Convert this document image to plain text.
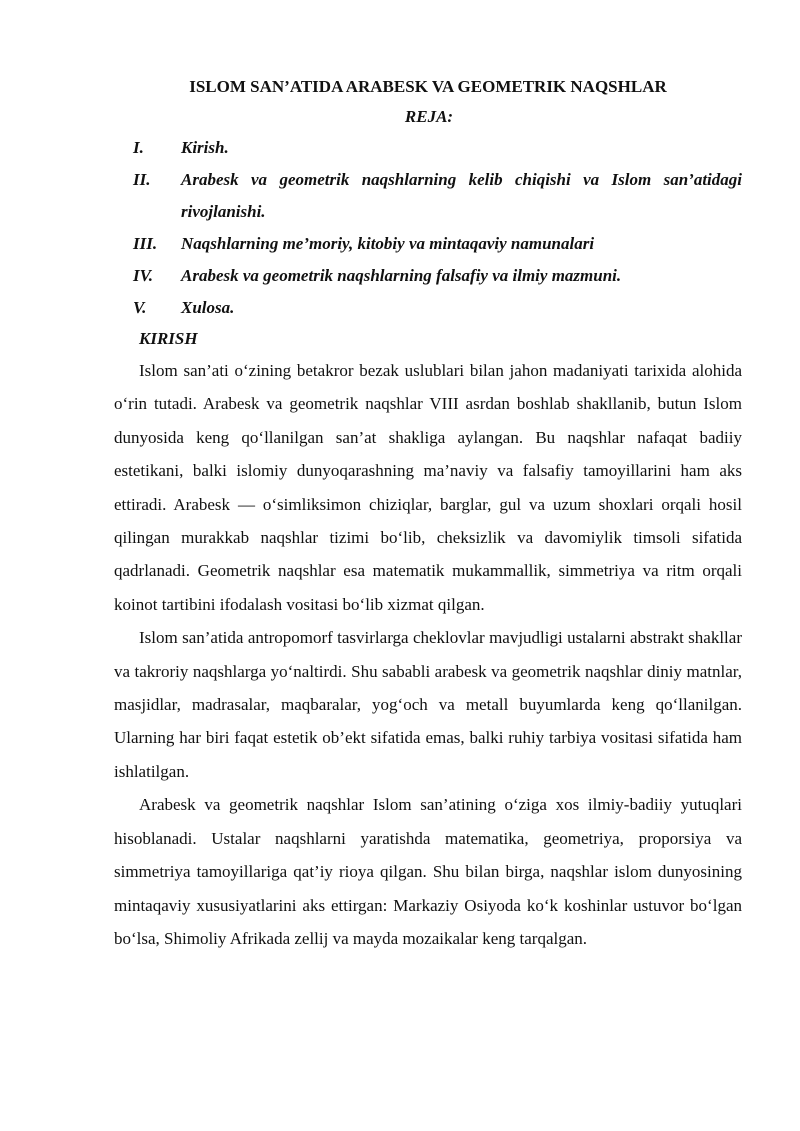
ISLOM SAN’ATIDA ARABESK VA GEOMETRIK NAQSHLAR

REJA:

I.	Kirish.
II.	Arabesk va geometrik naqshlarning kelib chiqishi va Islom san’atidagi rivojlanishi.
III.	Naqshlarning me’moriy, kitobiy va mintaqaviy namunalari
IV.	Arabesk va geometrik naqshlarning falsafiy va ilmiy mazmuni.
V.	Xulosa.

KIRISH

Islom san’ati o‘zining betakror bezak uslublari bilan jahon madaniyati tarixida alohida o‘rin tutadi. Arabesk va geometrik naqshlar VIII asrdan boshlab shakllanib, butun Islom dunyosida keng qo‘llanilgan san’at shakliga aylangan. Bu naqshlar nafaqat badiiy estetikani, balki islomiy dunyoqarashning ma’naviy va falsafiy tamoyillarini ham aks ettiradi. Arabesk — o‘simliksimon chiziqlar, barglar, gul va uzum shoxlari orqali hosil qilingan murakkab naqshlar tizimi bo‘lib, cheksizlik va davomiylik timsoli sifatida qadrlanadi. Geometrik naqshlar esa matematik mukammallik, simmetriya va ritm orqali koinot tartibini ifodalash vositasi bo‘lib xizmat qilgan.

Islom san’atida antropomorf tasvirlarga cheklovlar mavjudligi ustalarni abstrakt shakllar va takroriy naqshlarga yo‘naltirdi. Shu sababli arabesk va geometrik naqshlar diniy matnlar, masjidlar, madrasalar, maqbaralar, yog‘och va metall buyumlarda keng qo‘llanilgan. Ularning har biri faqat estetik ob’ekt sifatida emas, balki ruhiy tarbiya vositasi sifatida ham ishlatilgan.

Arabesk va geometrik naqshlar Islom san’atining o‘ziga xos ilmiy-badiiy yutuqlari hisoblanadi. Ustalar naqshlarni yaratishda matematika, geometriya, proporsiya va simmetriya tamoyillariga qat’iy rioya qilgan. Shu bilan birga, naqshlar islom dunyosining mintaqaviy xususiyatlarini aks ettirgan: Markaziy Osiyoda ko‘k koshinlar ustuvor bo‘lgan bo‘lsa, Shimoliy Afrikada zellij va mayda mozaikalar keng tarqalgan.
